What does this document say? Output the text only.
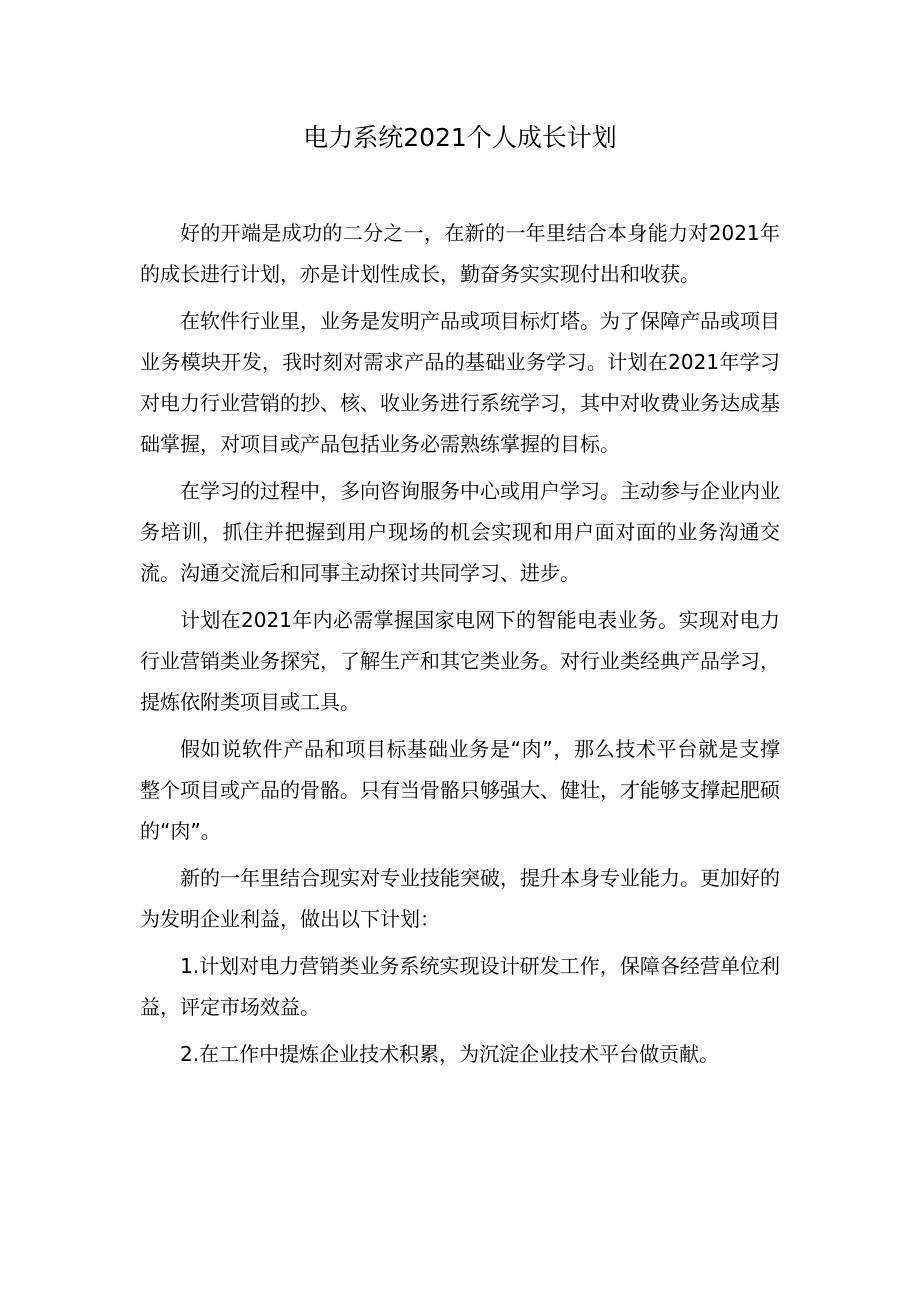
电力系统2021个人成长计划

好的开端是成功的二分之一，在新的一年里结合本身能力对2021年的成长进行计划，亦是计划性成长，勤奋务实实现付出和收获。

在软件行业里，业务是发明产品或项目标灯塔。为了保障产品或项目业务模块开发，我时刻对需求产品的基础业务学习。计划在2021年学习对电力行业营销的抄、核、收业务进行系统学习，其中对收费业务达成基础掌握，对项目或产品包括业务必需熟练掌握的目标。

在学习的过程中，多向咨询服务中心或用户学习。主动参与企业内业务培训，抓住并把握到用户现场的机会实现和用户面对面的业务沟通交流。沟通交流后和同事主动探讨共同学习、进步。

计划在2021年内必需掌握国家电网下的智能电表业务。实现对电力行业营销类业务探究，了解生产和其它类业务。对行业类经典产品学习，提炼依附类项目或工具。

假如说软件产品和项目标基础业务是“肉”，那么技术平台就是支撑整个项目或产品的骨骼。只有当骨骼只够强大、健壮，才能够支撑起肥硕的“肉”。

新的一年里结合现实对专业技能突破，提升本身专业能力。更加好的为发明企业利益，做出以下计划：

1.计划对电力营销类业务系统实现设计研发工作，保障各经营单位利益，评定市场效益。

2.在工作中提炼企业技术积累，为沉淀企业技术平台做贡献。
